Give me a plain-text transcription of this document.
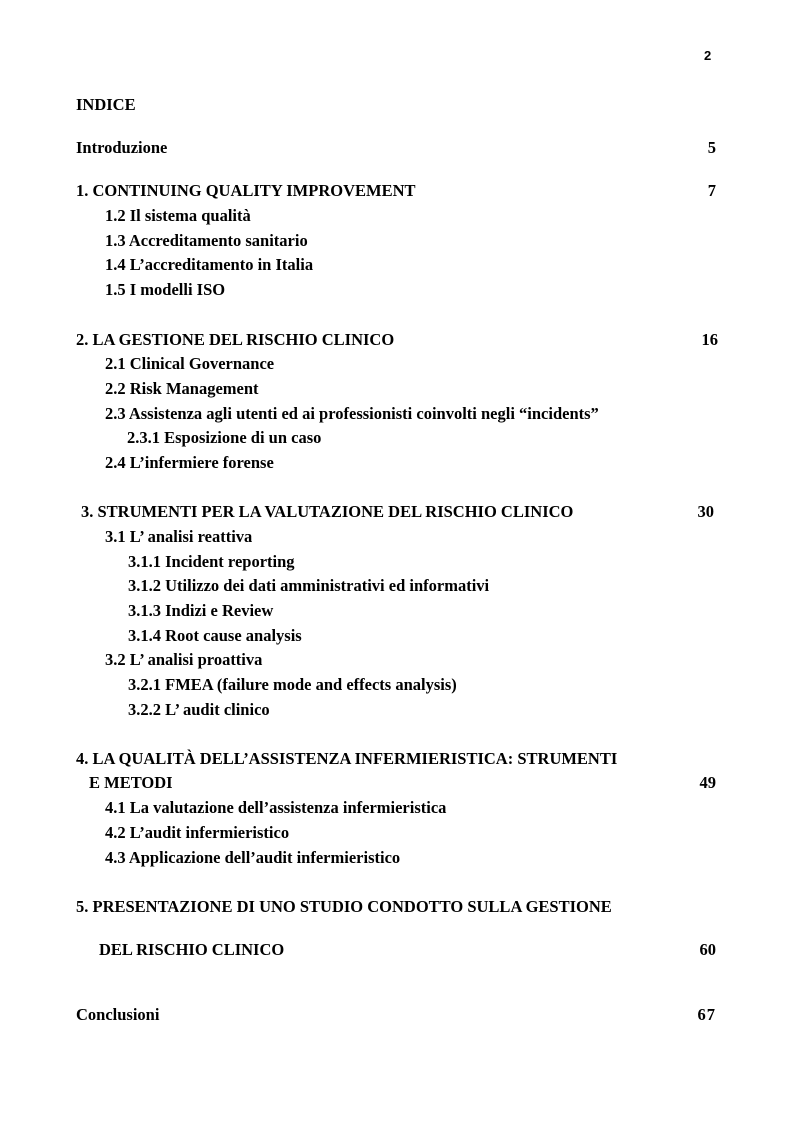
2
INDICE
Introduzione	5
1. CONTINUING QUALITY IMPROVEMENT	7
1.2 Il sistema qualità
1.3 Accreditamento sanitario
1.4 L’accreditamento in Italia
1.5 I modelli ISO
2. LA GESTIONE DEL RISCHIO CLINICO	16
2.1 Clinical Governance
2.2 Risk Management
2.3 Assistenza agli utenti ed ai professionisti coinvolti negli “incidents”
2.3.1 Esposizione di un caso
2.4 L’infermiere forense
3. STRUMENTI PER LA VALUTAZIONE DEL RISCHIO CLINICO	30
3.1 L’ analisi reattiva
3.1.1 Incident reporting
3.1.2 Utilizzo dei dati amministrativi ed informativi
3.1.3 Indizi e Review
3.1.4 Root cause analysis
3.2 L’ analisi proattiva
3.2.1 FMEA (failure mode and effects analysis)
3.2.2 L’ audit clinico
4. LA QUALITÀ DELL’ASSISTENZA INFERMIERISTICA: STRUMENTI
E METODI	49
4.1 La valutazione dell’assistenza infermieristica
4.2 L’audit infermieristico
4.3 Applicazione dell’audit infermieristico
5. PRESENTAZIONE DI UNO STUDIO CONDOTTO SULLA GESTIONE
DEL RISCHIO CLINICO	60
Conclusioni	67
